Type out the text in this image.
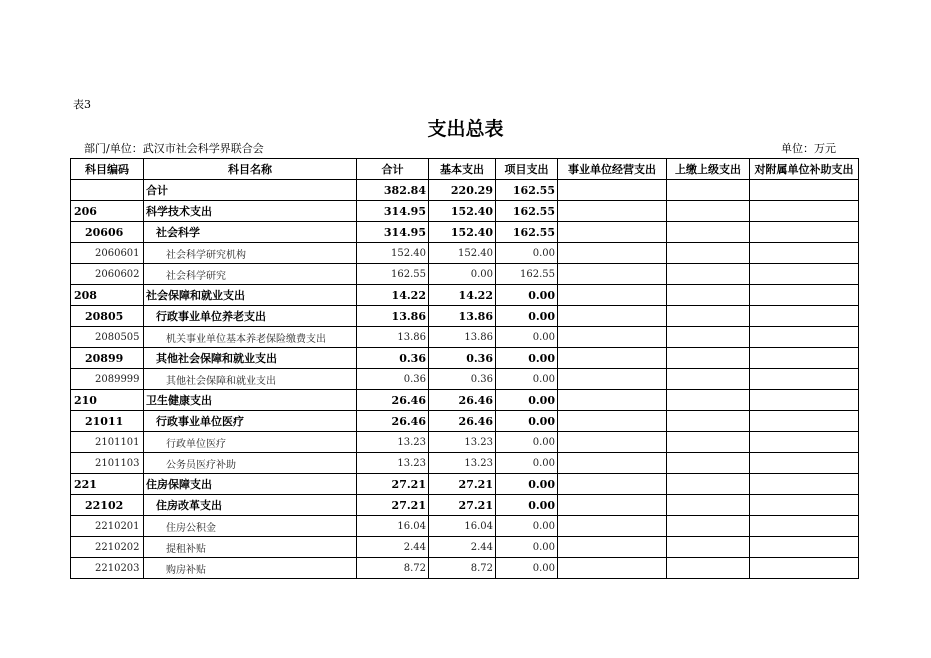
表3
支出总表
部门/单位：武汉市社会科学界联合会	单位：万元
科目编码	科目名称	合计	基本支出	项目支出	事业单位经营支出	上缴上级支出	对附属单位补助支出
	合计	382.84	220.29	162.55			
206	科学技术支出	314.95	152.40	162.55			
20606	社会科学	314.95	152.40	162.55			
2060601	社会科学研究机构	152.40	152.40	0.00			
2060602	社会科学研究	162.55	0.00	162.55			
208	社会保障和就业支出	14.22	14.22	0.00			
20805	行政事业单位养老支出	13.86	13.86	0.00			
2080505	机关事业单位基本养老保险缴费支出	13.86	13.86	0.00			
20899	其他社会保障和就业支出	0.36	0.36	0.00			
2089999	其他社会保障和就业支出	0.36	0.36	0.00			
210	卫生健康支出	26.46	26.46	0.00			
21011	行政事业单位医疗	26.46	26.46	0.00			
2101101	行政单位医疗	13.23	13.23	0.00			
2101103	公务员医疗补助	13.23	13.23	0.00			
221	住房保障支出	27.21	27.21	0.00			
22102	住房改革支出	27.21	27.21	0.00			
2210201	住房公积金	16.04	16.04	0.00			
2210202	提租补贴	2.44	2.44	0.00			
2210203	购房补贴	8.72	8.72	0.00			
